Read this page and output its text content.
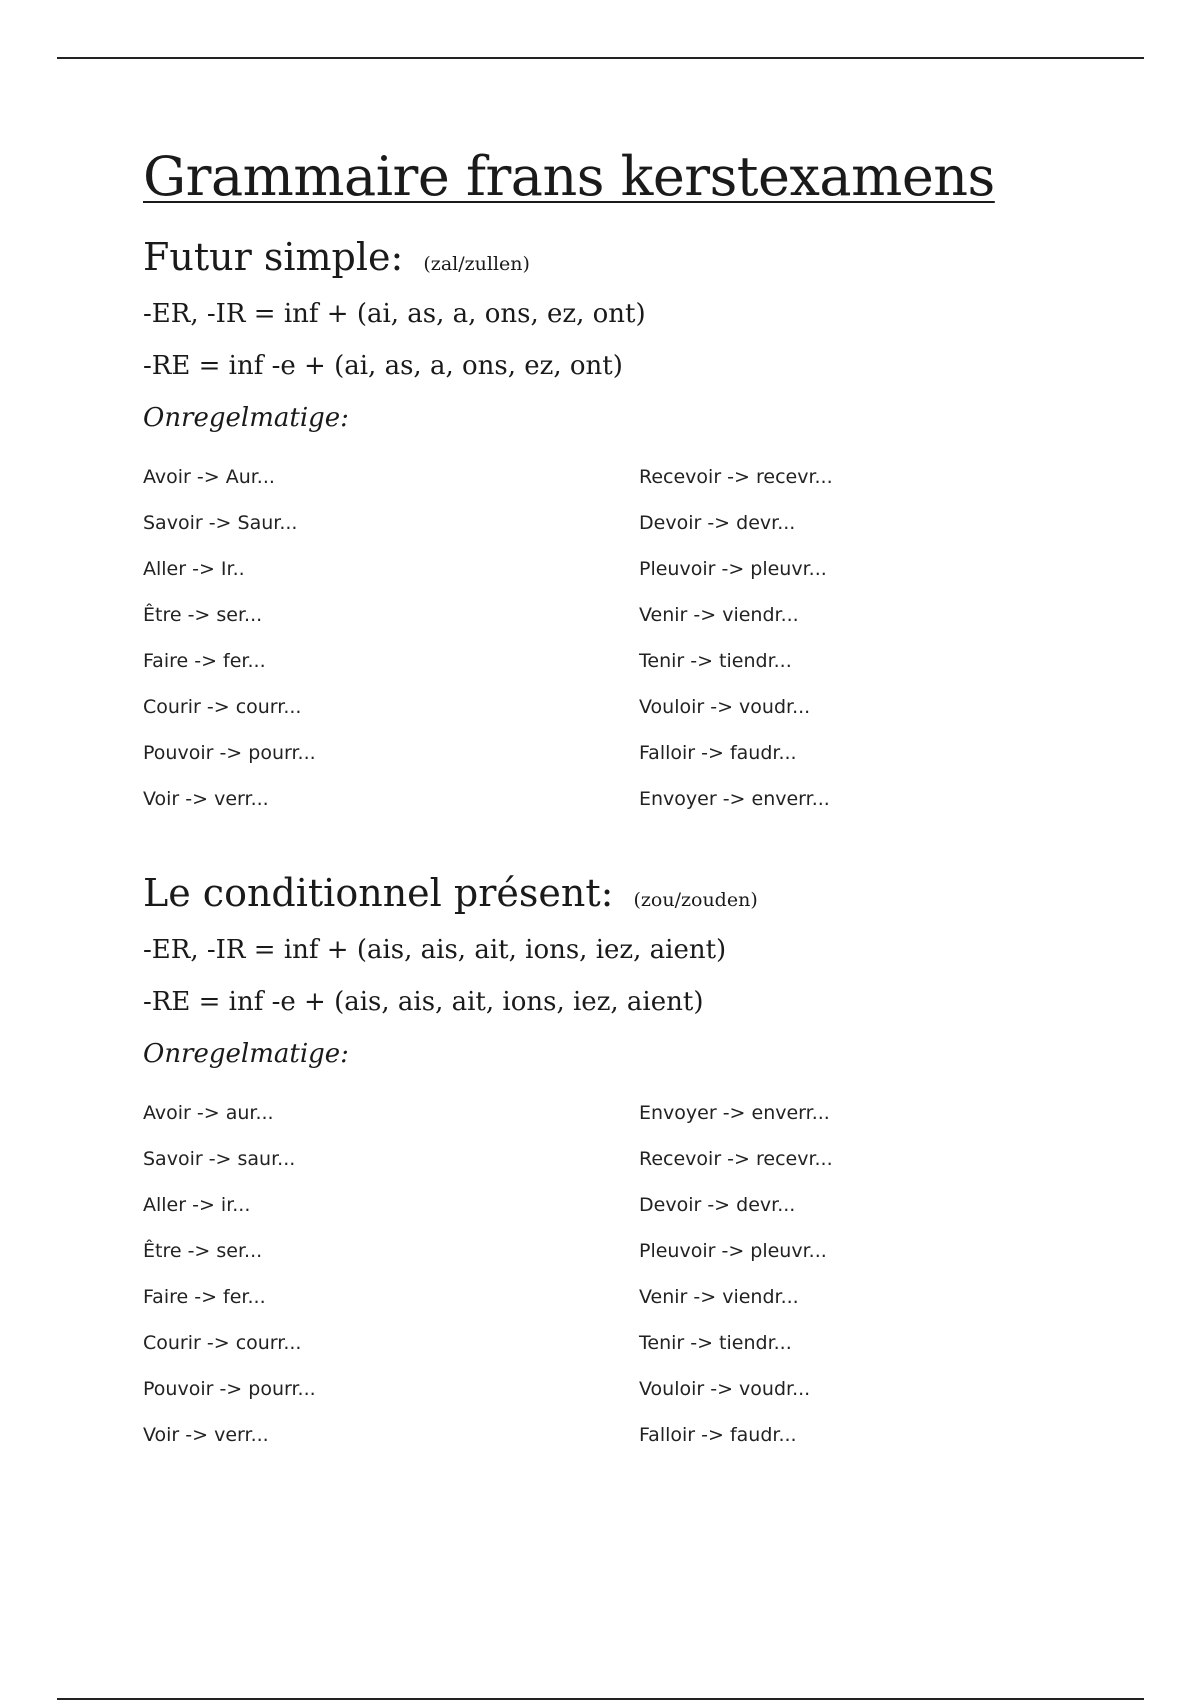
Grammaire frans kerstexamens
Futur simple: (zal/zullen)
-ER, -IR = inf + (ai, as, a, ons, ez, ont)
-RE = inf -e + (ai, as, a, ons, ez, ont)
Onregelmatige:
Avoir -> Aur...
Savoir -> Saur...
Aller -> Ir..
Être -> ser...
Faire -> fer...
Courir -> courr...
Pouvoir -> pourr...
Voir -> verr...
Recevoir -> recevr...
Devoir -> devr...
Pleuvoir -> pleuvr...
Venir -> viendr...
Tenir -> tiendr...
Vouloir -> voudr...
Falloir -> faudr...
Envoyer -> enverr...
Le conditionnel présent: (zou/zouden)
-ER, -IR = inf + (ais, ais, ait, ions, iez, aient)
-RE = inf -e + (ais, ais, ait, ions, iez, aient)
Onregelmatige:
Avoir -> aur...
Savoir -> saur...
Aller -> ir...
Être -> ser...
Faire -> fer...
Courir -> courr...
Pouvoir -> pourr...
Voir -> verr...
Envoyer -> enverr...
Recevoir -> recevr...
Devoir -> devr...
Pleuvoir -> pleuvr...
Venir -> viendr...
Tenir -> tiendr...
Vouloir -> voudr...
Falloir -> faudr...
